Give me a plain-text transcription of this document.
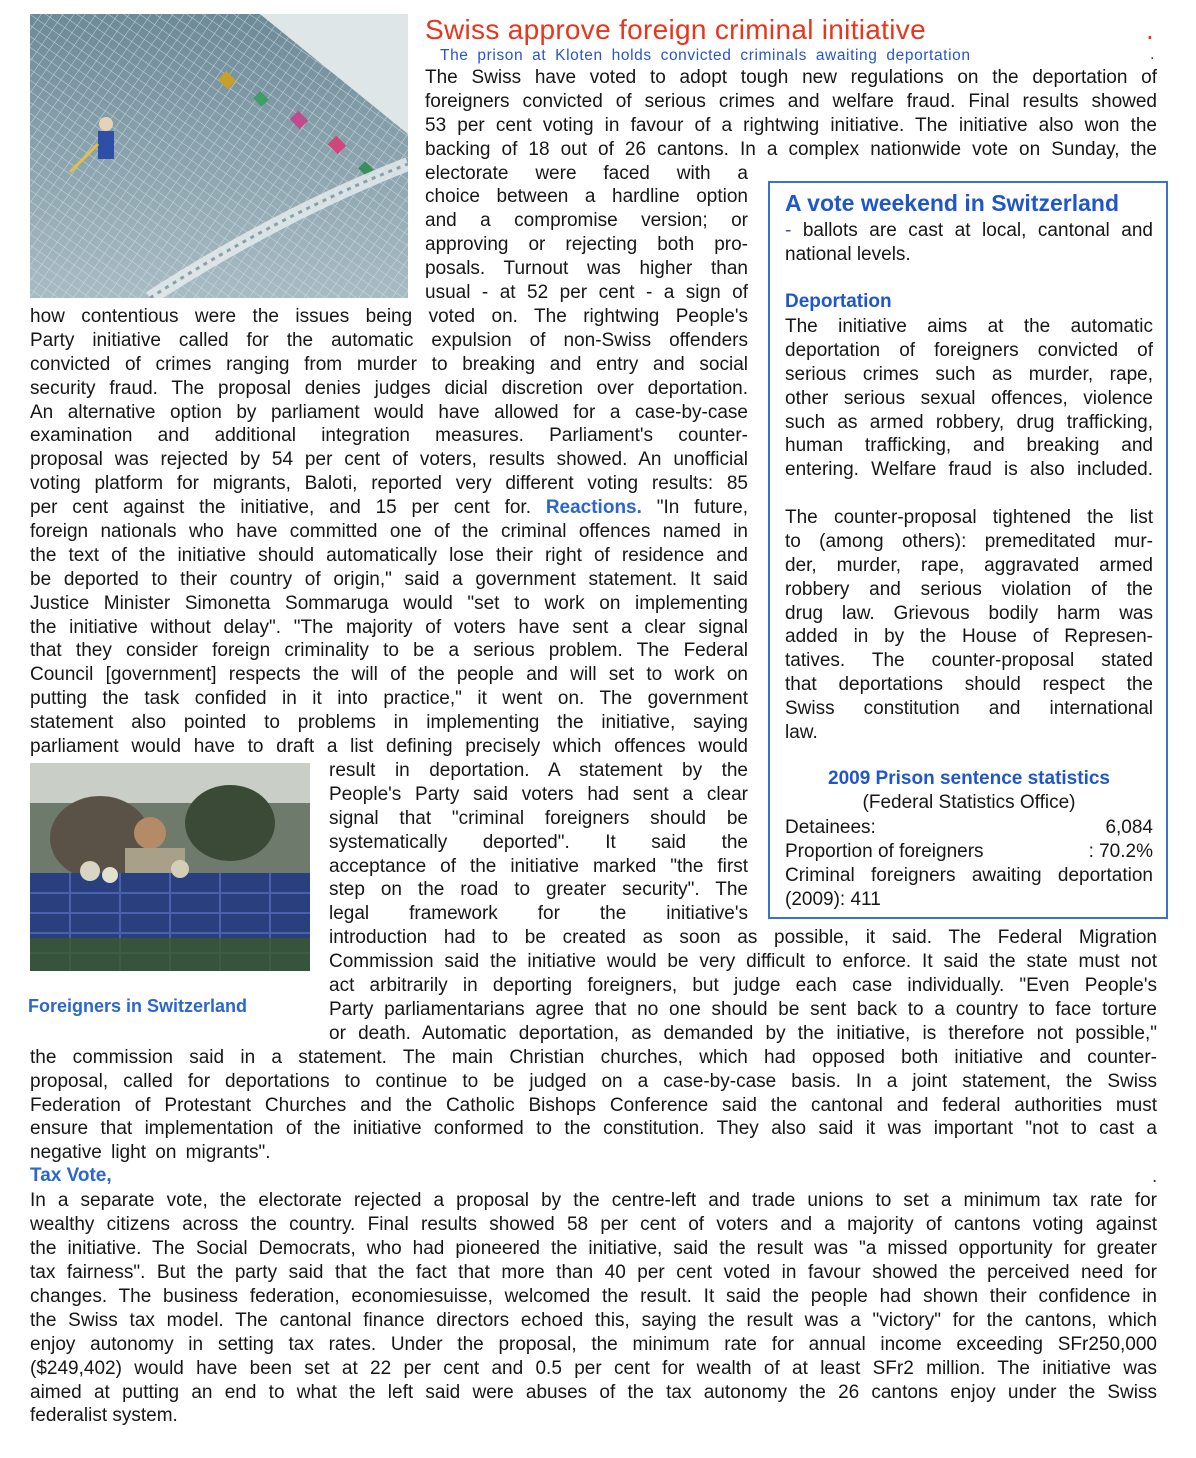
Swiss approve foreign criminal initiative	.
The prison at Kloten holds convicted criminals awaiting deportation	.
Foreigners in Switzerland
A vote weekend in Switzerland
- ballots are cast at local, cantonal and
national levels.
Deportation
The initiative aims at the automatic
deportation of foreigners convicted of
serious crimes such as murder, rape,
other serious sexual offences, violence
such as armed robbery, drug trafficking,
human trafficking, and breaking and
entering. Welfare fraud is also included.
The counter-proposal tightened the list
to (among others): premeditated mur-
der, murder, rape, aggravated armed
robbery and serious violation of the
drug law. Grievous bodily harm was
added in by the House of Represen-
tatives. The counter-proposal stated
that deportations should respect the
Swiss constitution and international
law.
2009 Prison sentence statistics
(Federal Statistics Office)
Detainees:	6,084
Proportion of foreigners	: 70.2%
Criminal foreigners awaiting deportation
(2009): 411
The Swiss have voted to adopt tough new regulations on the deportation of
foreigners convicted of serious crimes and welfare fraud. Final results showed
53 per cent voting in favour of a rightwing initiative. The initiative also won the
backing of 18 out of 26 cantons. In a complex nationwide vote on Sunday, the
electorate were faced with a
choice between a hardline option
and a compromise version; or
approving or rejecting both pro-
posals. Turnout was higher than
usual - at 52 per cent - a sign of
how contentious were the issues being voted on. The rightwing People's
Party initiative called for the automatic expulsion of non-Swiss offenders
convicted of crimes ranging from murder to breaking and entry and social
security fraud. The proposal denies judges dicial discretion over deportation.
An alternative option by parliament would have allowed for a case-by-case
examination and additional integration measures. Parliament's counter-
proposal was rejected by 54 per cent of voters, results showed. An unofficial
voting platform for migrants, Baloti, reported very different voting results: 85
per cent against the initiative, and 15 per cent for. Reactions. "In future,
foreign nationals who have committed one of the criminal offences named in
the text of the initiative should automatically lose their right of residence and
be deported to their country of origin," said a government statement. It said
Justice Minister Simonetta Sommaruga would "set to work on implementing
the initiative without delay". "The majority of voters have sent a clear signal
that they consider foreign criminality to be a serious problem. The Federal
Council [government] respects the will of the people and will set to work on
putting the task confided in it into practice," it went on. The government
statement also pointed to problems in implementing the initiative, saying
parliament would have to draft a list defining precisely which offences would
result in deportation. A statement by the
People's Party said voters had sent a clear
signal that "criminal foreigners should be
systematically deported". It said the
acceptance of the initiative marked "the first
step on the road to greater security". The
legal framework for the initiative's
introduction had to be created as soon as possible, it said. The Federal Migration
Commission said the initiative would be very difficult to enforce. It said the state must not
act arbitrarily in deporting foreigners, but judge each case individually. "Even People's
Party parliamentarians agree that no one should be sent back to a country to face torture
or death. Automatic deportation, as demanded by the initiative, is therefore not possible,"
the commission said in a statement. The main Christian churches, which had opposed both initiative and counter-
proposal, called for deportations to continue to be judged on a case-by-case basis. In a joint statement, the Swiss
Federation of Protestant Churches and the Catholic Bishops Conference said the cantonal and federal authorities must
ensure that implementation of the initiative conformed to the constitution. They also said it was important "not to cast a
negative light on migrants".
Tax Vote,	.
In a separate vote, the electorate rejected a proposal by the centre-left and trade unions to set a minimum tax rate for
wealthy citizens across the country. Final results showed 58 per cent of voters and a majority of cantons voting against
the initiative. The Social Democrats, who had pioneered the initiative, said the result was "a missed opportunity for greater
tax fairness". But the party said that the fact that more than 40 per cent voted in favour showed the perceived need for
changes. The business federation, economiesuisse, welcomed the result. It said the people had shown their confidence in
the Swiss tax model. The cantonal finance directors echoed this, saying the result was a "victory" for the cantons, which
enjoy autonomy in setting tax rates. Under the proposal, the minimum rate for annual income exceeding SFr250,000
($249,402) would have been set at 22 per cent and 0.5 per cent for wealth of at least SFr2 million. The initiative was
aimed at putting an end to what the left said were abuses of the tax autonomy the 26 cantons enjoy under the Swiss
federalist system.
